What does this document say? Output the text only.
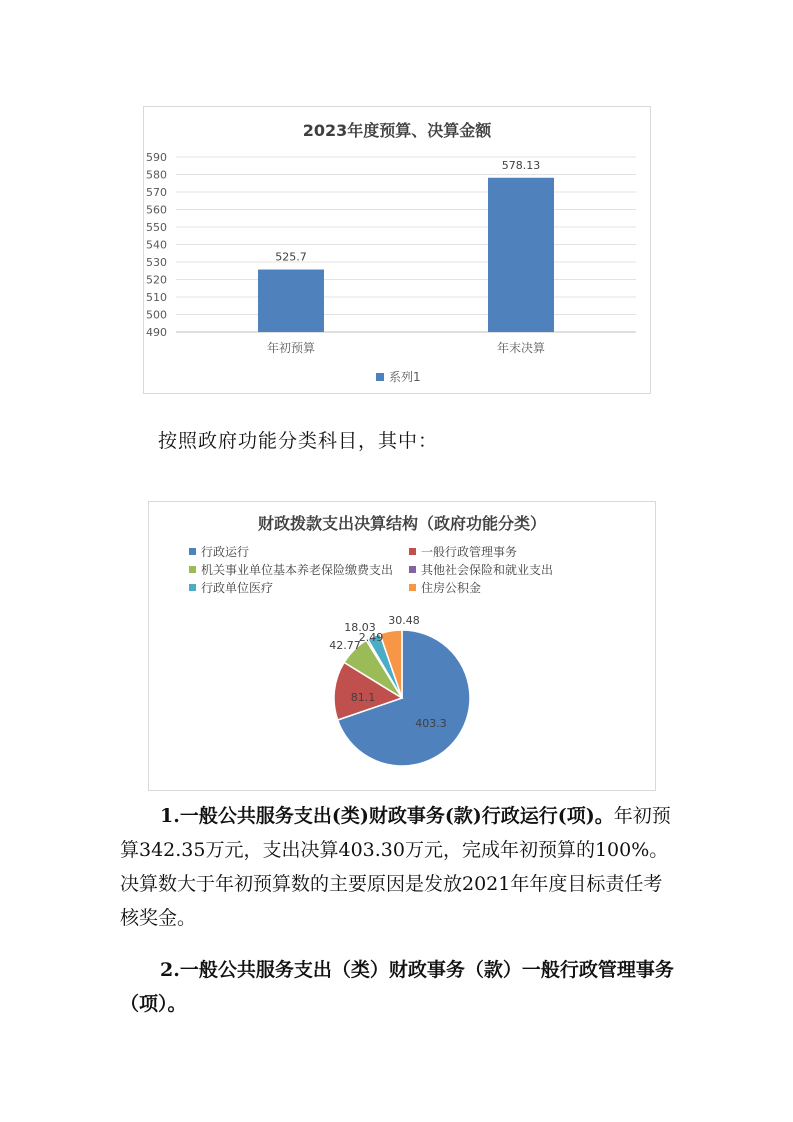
2023年度预算、决算金额
490
500
510
520
530
540
550
560
570
580
590
525.7
年初预算
578.13
年末决算
系列1

按照政府功能分类科目，其中：

财政拨款支出决算结构（政府功能分类）
行政运行	一般行政管理事务
机关事业单位基本养老保险缴费支出 其他社会保险和就业支出
行政单位医疗	住房公积金
403.3
81.1
42.77
2.49
18.03
30.48
1.一般公共服务支出(类)财政事务(款)行政运行(项)。年初预算342.35万元，支出决算403.30万元，完成年初预算的100%。决算数大于年初预算数的主要原因是发放2021年年度目标责任考核奖金。
2.一般公共服务支出（类）财政事务（款）一般行政管理事务（项）。
